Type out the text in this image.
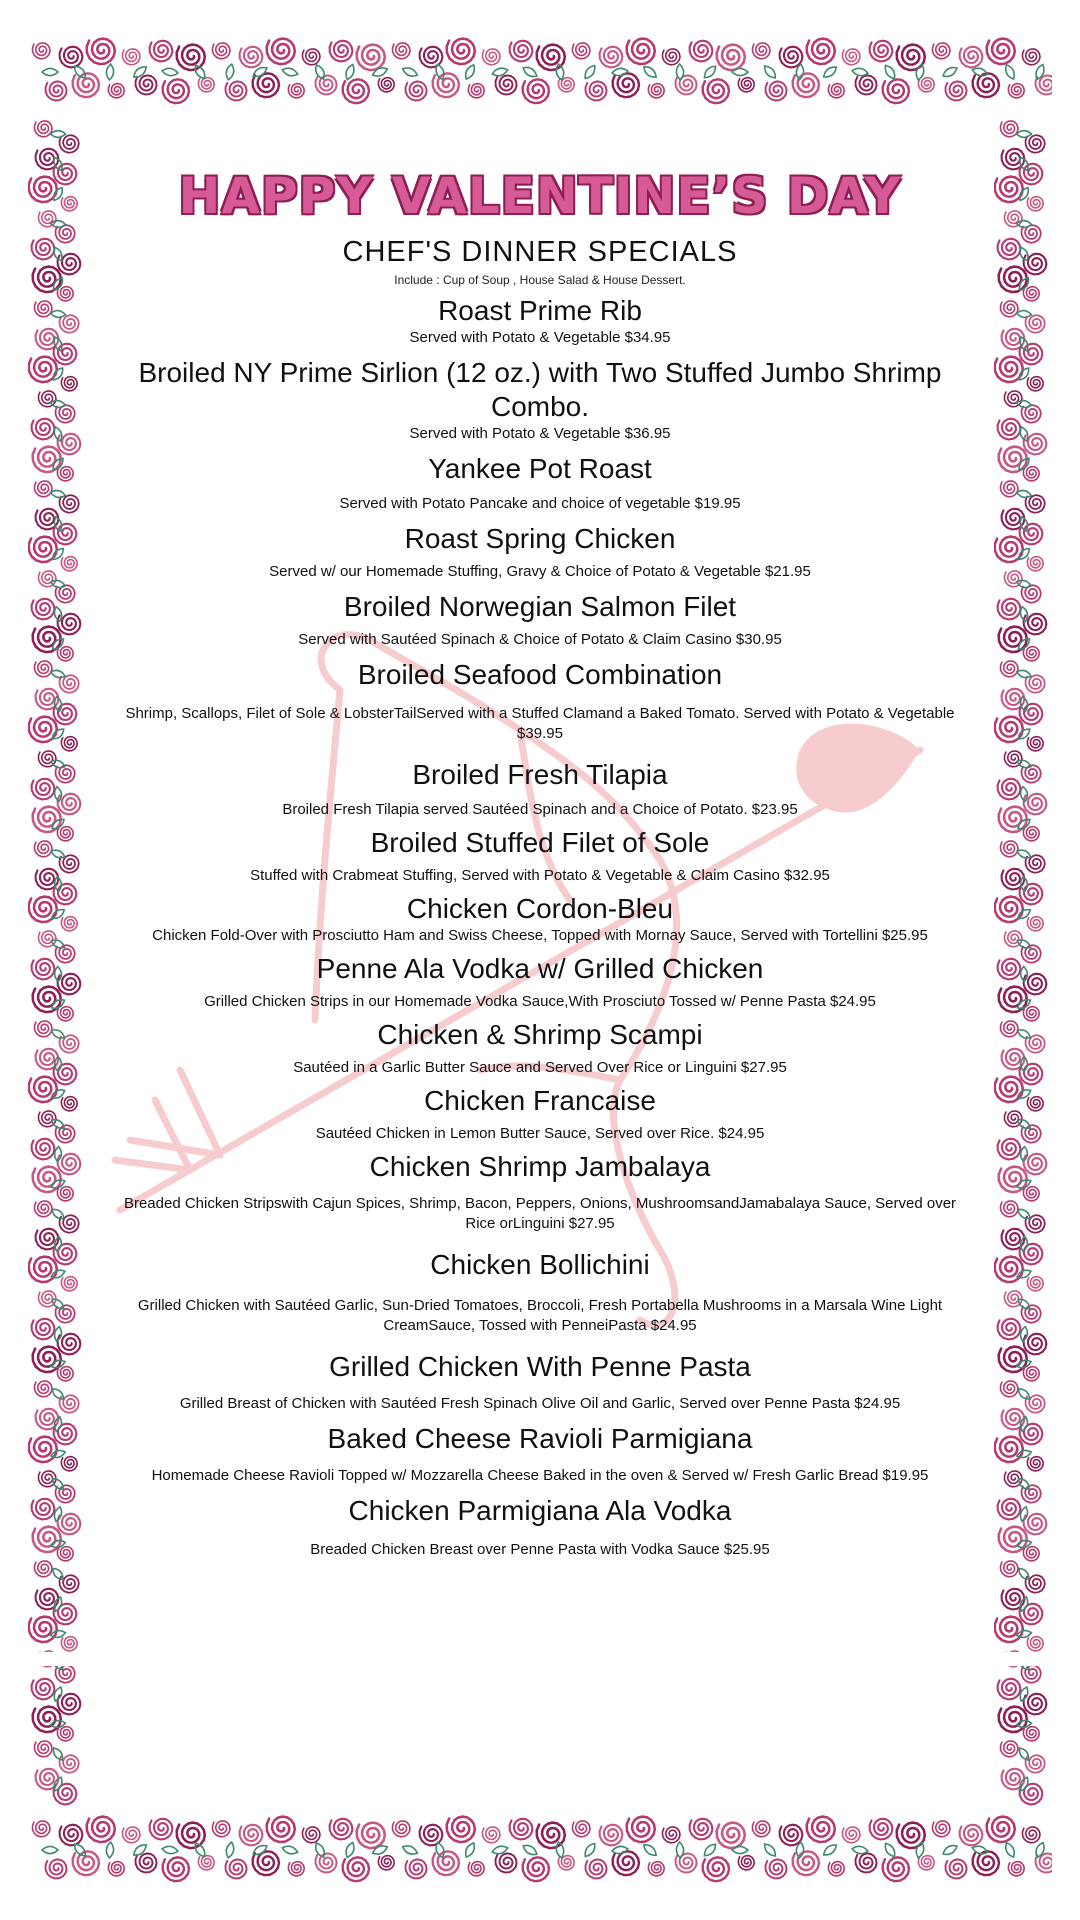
HAPPY VALENTINE’S DAY
CHEF'S DINNER SPECIALS
Include : Cup of Soup , House Salad & House Dessert.
Roast Prime Rib
Served with Potato & Vegetable $34.95
Broiled NY Prime Sirlion (12 oz.) with Two Stuffed Jumbo Shrimp Combo.
Served with Potato & Vegetable $36.95
Yankee Pot Roast
Served with Potato Pancake and choice of vegetable $19.95
Roast Spring Chicken
Served w/ our Homemade Stuffing, Gravy & Choice of Potato & Vegetable $21.95
Broiled Norwegian Salmon Filet
Served with Sautéed Spinach & Choice of Potato & Claim Casino $30.95
Broiled Seafood Combination
Shrimp, Scallops, Filet of Sole & LobsterTailServed with a Stuffed Clamand a Baked Tomato. Served with Potato & Vegetable $39.95
Broiled Fresh Tilapia
Broiled Fresh Tilapia served Sautéed Spinach and a Choice of Potato. $23.95
Broiled Stuffed Filet of Sole
Stuffed with Crabmeat Stuffing, Served with Potato & Vegetable & Claim Casino $32.95
Chicken Cordon-Bleu
Chicken Fold-Over with Prosciutto Ham and Swiss Cheese, Topped with Mornay Sauce, Served with Tortellini $25.95
Penne Ala Vodka w/ Grilled Chicken
Grilled Chicken Strips in our Homemade Vodka Sauce,With Prosciuto Tossed w/ Penne Pasta $24.95
Chicken & Shrimp Scampi
Sautéed in a Garlic Butter Sauce and Served Over Rice or Linguini $27.95
Chicken Francaise
Sautéed Chicken in Lemon Butter Sauce, Served over Rice. $24.95
Chicken Shrimp Jambalaya
Breaded Chicken Stripswith Cajun Spices, Shrimp, Bacon, Peppers, Onions, MushroomsandJamabalaya Sauce, Served over Rice orLinguini $27.95
Chicken Bollichini
Grilled Chicken with Sautéed Garlic, Sun-Dried Tomatoes, Broccoli, Fresh Portabella Mushrooms in a Marsala Wine Light CreamSauce, Tossed with PenneiPasta $24.95
Grilled Chicken With Penne Pasta
Grilled Breast of Chicken with Sautéed Fresh Spinach Olive Oil and Garlic, Served over Penne Pasta $24.95
Baked Cheese Ravioli Parmigiana
Homemade Cheese Ravioli Topped w/ Mozzarella Cheese Baked in the oven & Served w/ Fresh Garlic Bread $19.95
Chicken Parmigiana Ala Vodka
Breaded Chicken Breast over Penne Pasta with Vodka Sauce $25.95
